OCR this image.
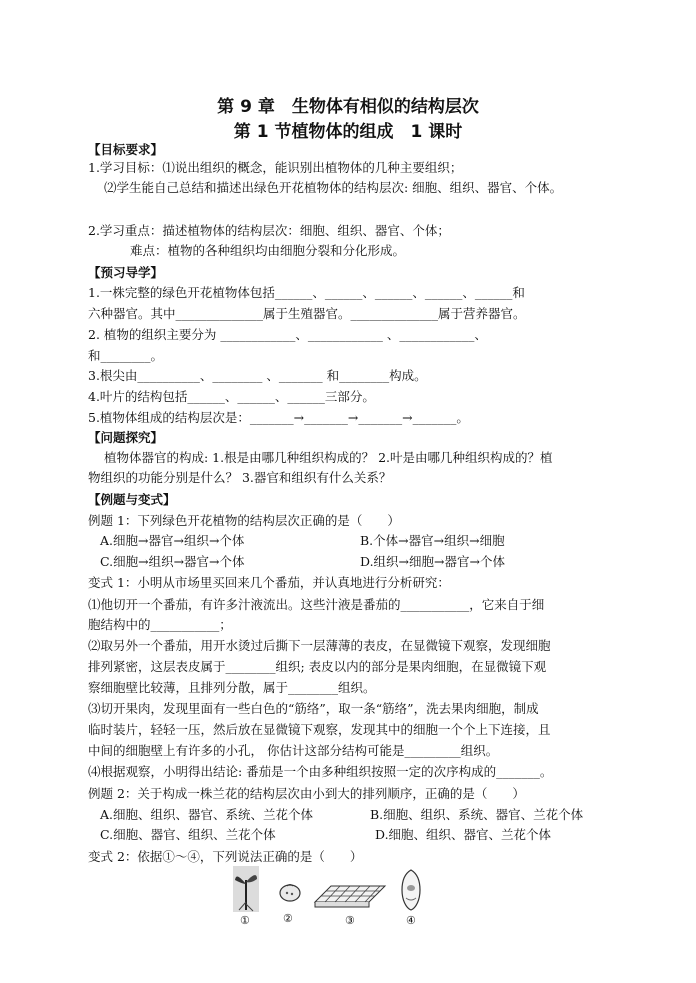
第 9 章　生物体有相似的结构层次
第 1 节植物体的组成　1 课时
【目标要求】
1.学习目标：⑴说出组织的概念，能识别出植物体的几种主要组织；
⑵学生能自己总结和描述出绿色开花植物体的结构层次: 细胞、组织、器官、个体。
2.学习重点：描述植物体的结构层次：细胞、组织、器官、个体；
难点：植物的各种组织均由细胞分裂和分化形成。
【预习导学】
1.一株完整的绿色开花植物体包括______、______、______、______、______和
六种器官。其中______________属于生殖器官。______________属于营养器官。
2. 植物的组织主要分为 ____________、____________ 、____________、
和________。
3.根尖由__________、________ 、_______ 和________构成。
4.叶片的结构包括______、______、______三部分。
5.植物体组成的结构层次是：_______→_______→_______→_______。
【问题探究】
植物体器官的构成: 1.根是由哪几种组织构成的？ 2.叶是由哪几种组织构成的？植
物组织的功能分别是什么？ 3.器官和组织有什么关系？
【例题与变式】
例题 1：下列绿色开花植物的结构层次正确的是（　　）
A.细胞→器官→组织→个体	B.个体→器官→组织→细胞
C.细胞→组织→器官→个体	D.组织→细胞→器官→个体
变式 1：小明从市场里买回来几个番茄，并认真地进行分析研究：
⑴他切开一个番茄，有许多汁液流出。这些汁液是番茄的___________，它来自于细
胞结构中的___________；
⑵取另外一个番茄，用开水烫过后撕下一层薄薄的表皮，在显微镜下观察，发现细胞
排列紧密，这层表皮属于________组织; 表皮以内的部分是果肉细胞，在显微镜下观
察细胞壁比较薄，且排列分散，属于________组织。
⑶切开果肉，发现里面有一些白色的“筋络”，取一条“筋络”，洗去果肉细胞，制成
临时装片，轻轻一压，然后放在显微镜下观察，发现其中的细胞一个个上下连接，且
中间的细胞壁上有许多的小孔， 你估计这部分结构可能是_________组织。
⑷根据观察，小明得出结论: 番茄是一个由多种组织按照一定的次序构成的_______。
例题 2：关于构成一株兰花的结构层次由小到大的排列顺序，正确的是（　　）
A.细胞、组织、器官、系统、兰花个体	B.细胞、组织、系统、器官、兰花个体
C.细胞、器官、组织、兰花个体	D.细胞、组织、器官、兰花个体
变式 2：依据①～④，下列说法正确的是（　　）
①	②	③	④
